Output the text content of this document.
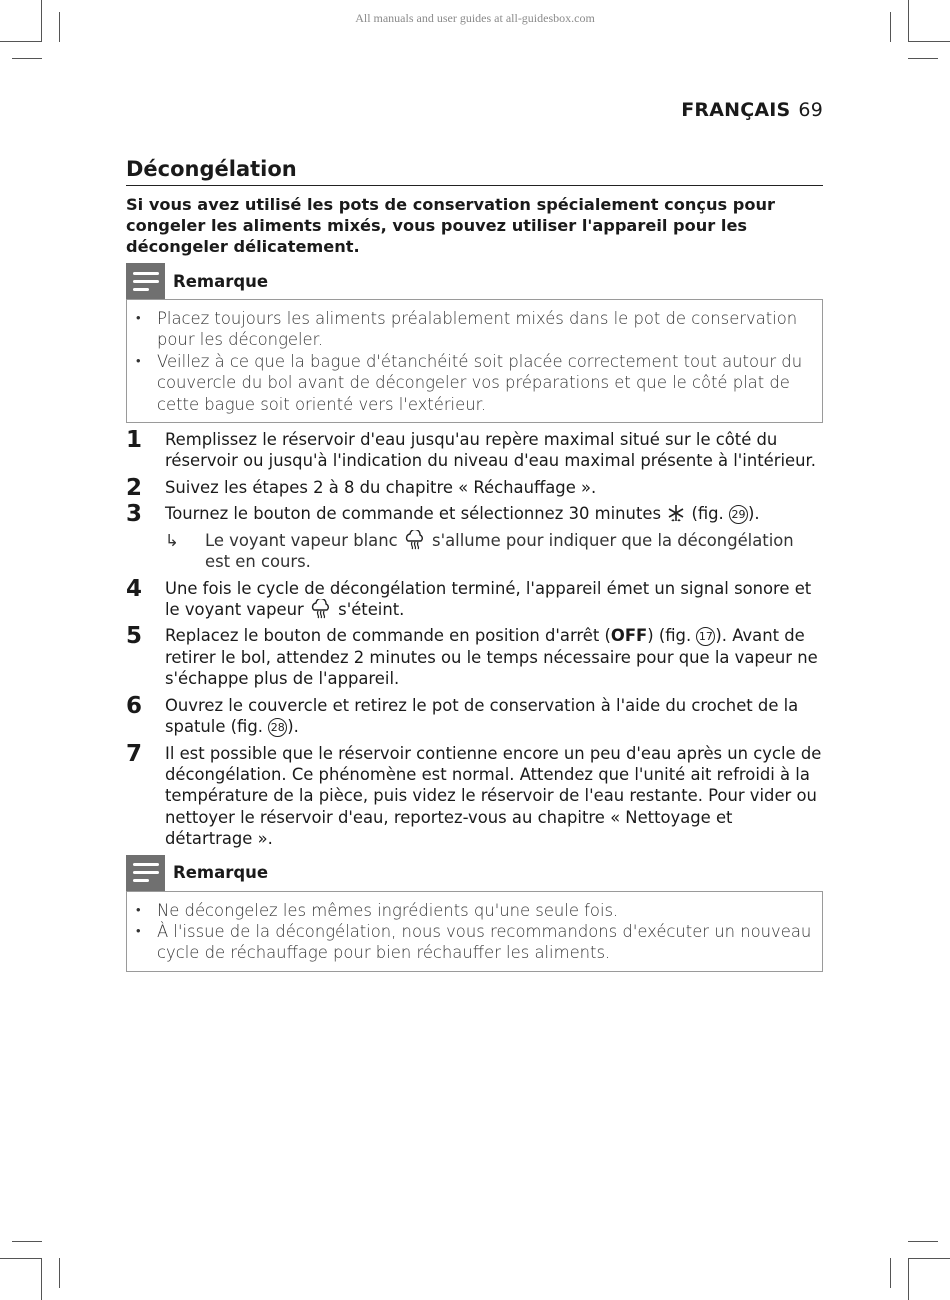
All manuals and user guides at all-guidesbox.com
FRANÇAIS 69
Décongélation
Si vous avez utilisé les pots de conservation spécialement conçus pour congeler les aliments mixés, vous pouvez utiliser l'appareil pour les décongeler délicatement.
Remarque
•	Placez toujours les aliments préalablement mixés dans le pot de conservation pour les décongeler.
•	Veillez à ce que la bague d'étanchéité soit placée correctement tout autour du couvercle du bol avant de décongeler vos préparations et que le côté plat de cette bague soit orienté vers l'extérieur.
1	Remplissez le réservoir d'eau jusqu'au repère maximal situé sur le côté du réservoir ou jusqu'à l'indication du niveau d'eau maximal présente à l'intérieur.
2	Suivez les étapes 2 à 8 du chapitre « Réchauffage ».
3	Tournez le bouton de commande et sélectionnez 30 minutes (fig. 29 ).
↳	Le voyant vapeur blanc s'allume pour indiquer que la décongélation est en cours.
4	Une fois le cycle de décongélation terminé, l'appareil émet un signal sonore et le voyant vapeur s'éteint.
5	Replacez le bouton de commande en position d'arrêt (OFF) (fig. 17 ). Avant de retirer le bol, attendez 2 minutes ou le temps nécessaire pour que la vapeur ne s'échappe plus de l'appareil.
6	Ouvrez le couvercle et retirez le pot de conservation à l'aide du crochet de la spatule (fig. 28 ).
7	Il est possible que le réservoir contienne encore un peu d'eau après un cycle de décongélation. Ce phénomène est normal. Attendez que l'unité ait refroidi à la température de la pièce, puis videz le réservoir de l'eau restante. Pour vider ou nettoyer le réservoir d'eau, reportez-vous au chapitre « Nettoyage et détartrage ».
Remarque
•	Ne décongelez les mêmes ingrédients qu'une seule fois.
•	À l'issue de la décongélation, nous vous recommandons d'exécuter un nouveau cycle de réchauffage pour bien réchauffer les aliments.
